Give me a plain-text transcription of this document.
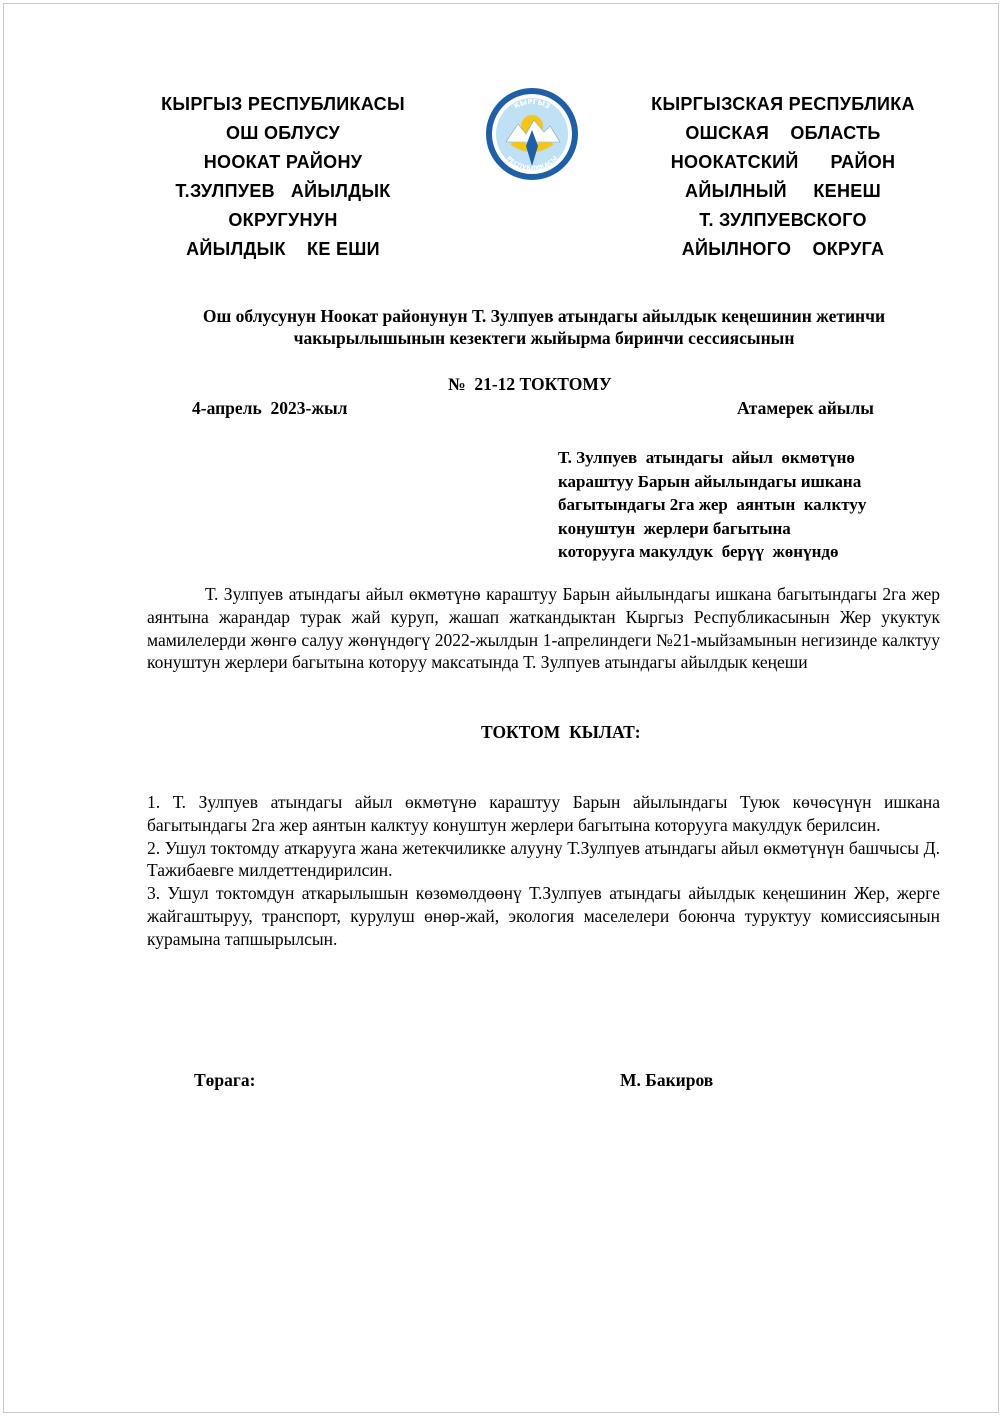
КЫРГЫЗ РЕСПУБЛИКАСЫ
ОШ ОБЛУСУ
НООКАТ РАЙОНУ
Т.ЗУЛПУЕВ   АЙЫЛДЫК
ОКРУГУНУН
АЙЫЛДЫК    КЕ ЕШИ
КЫРГЫЗ
РЕСПУБЛИКАСЫ
КЫРГЫЗСКАЯ РЕСПУБЛИКА
ОШСКАЯ    ОБЛАСТЬ
НООКАТСКИЙ      РАЙОН
АЙЫЛНЫЙ     КЕНЕШ
Т. ЗУЛПУЕВСКОГО
АЙЫЛНОГО    ОКРУГА
Ош облусунун Ноокат районунун Т. Зулпуев атындагы айылдык кеңешинин жетинчи
чакырылышынын кезектеги жыйырма биринчи сессиясынын
№  21-12 ТОКТОМУ
4-апрель  2023-жыл	Атамерек айылы
Т. Зулпуев  атындагы  айыл  өкмөтүнө
караштуу Барын айылындагы ишкана
багытындагы 2га жер  аянтын  калктуу
конуштун  жерлери багытына
которууга макулдук  берүү  жөнүндө
Т. Зулпуев атындагы айыл өкмөтүнө караштуу Барын айылындагы ишкана багытындагы 2га жер аянтына жарандар турак жай куруп, жашап жаткандыктан Кыргыз Республикасынын Жер укуктук мамилелерди жөнгө салуу жөнүндөгү 2022-жылдын 1-апрелиндеги №21-мыйзамынын негизинде калктуу конуштун жерлери багытына которуу максатында Т. Зулпуев атындагы айылдык кеңеши
ТОКТОМ  КЫЛАТ:

1. Т. Зулпуев атындагы айыл өкмөтүнө караштуу Барын айылындагы Туюк көчөсүнүн ишкана багытындагы 2га жер аянтын калктуу конуштун жерлери багытына которууга макулдук берилсин.

2. Ушул токтомду аткарууга жана жетекчиликке алууну Т.Зулпуев атындагы айыл өкмөтүнүн башчысы Д. Тажибаевге милдеттендирилсин.

3. Ушул токтомдун аткарылышын көзөмөлдөөнү Т.Зулпуев атындагы айылдык кеңешинин Жер, жерге жайгаштыруу, транспорт, курулуш өнөр-жай, экология маселелери боюнча туруктуу комиссиясынын курамына тапшырылсын.

Төрага:	М. Бакиров
